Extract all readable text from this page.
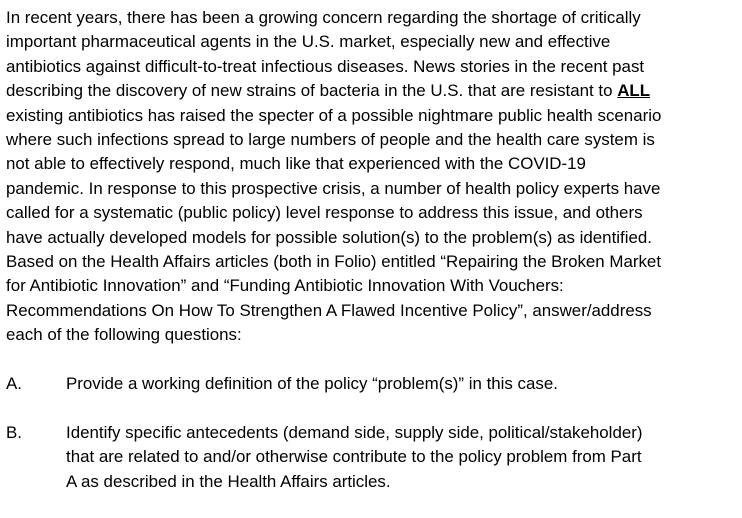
In recent years, there has been a growing concern regarding the shortage of critically
important pharmaceutical agents in the U.S. market, especially new and effective
antibiotics against difficult-to-treat infectious diseases. News stories in the recent past
describing the discovery of new strains of bacteria in the U.S. that are resistant to ALL
existing antibiotics has raised the specter of a possible nightmare public health scenario
where such infections spread to large numbers of people and the health care system is
not able to effectively respond, much like that experienced with the COVID-19
pandemic. In response to this prospective crisis, a number of health policy experts have
called for a systematic (public policy) level response to address this issue, and others
have actually developed models for possible solution(s) to the problem(s) as identified.
Based on the Health Affairs articles (both in Folio) entitled “Repairing the Broken Market
for Antibiotic Innovation” and “Funding Antibiotic Innovation With Vouchers:
Recommendations On How To Strengthen A Flawed Incentive Policy”, answer/address
each of the following questions:

A.	Provide a working definition of the policy “problem(s)” in this case.
B.	Identify specific antecedents (demand side, supply side, political/stakeholder)
that are related to and/or otherwise contribute to the policy problem from Part
A as described in the Health Affairs articles.
